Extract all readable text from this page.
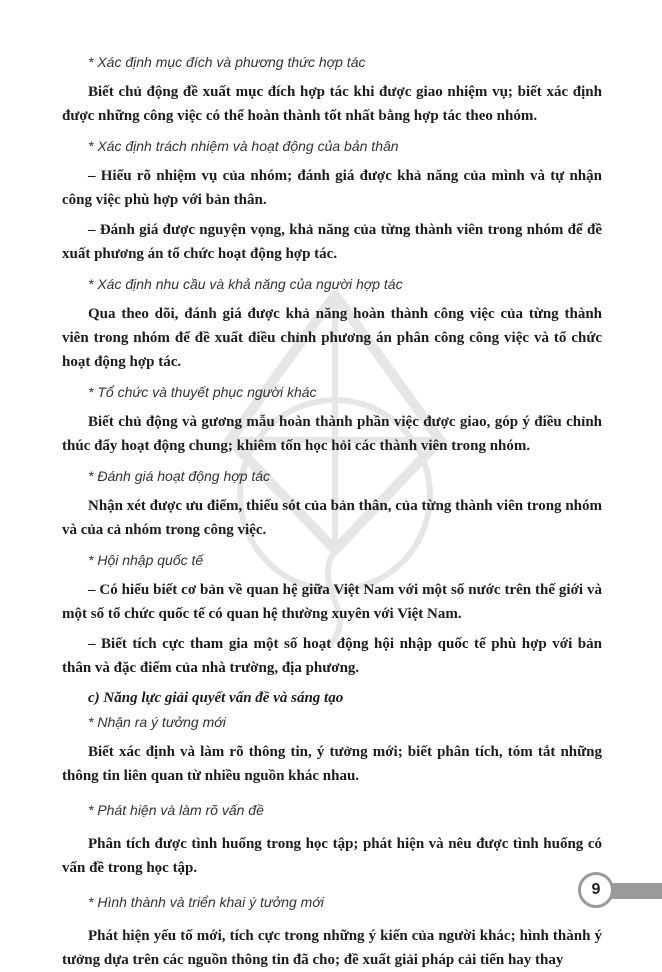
* Xác định mục đích và phương thức hợp tác

Biết chủ động đề xuất mục đích hợp tác khi được giao nhiệm vụ; biết xác định được những công việc có thể hoàn thành tốt nhất bằng hợp tác theo nhóm.

* Xác định trách nhiệm và hoạt động của bản thân

– Hiểu rõ nhiệm vụ của nhóm; đánh giá được khả năng của mình và tự nhận công việc phù hợp với bản thân.

– Đánh giá được nguyện vọng, khả năng của từng thành viên trong nhóm để đề xuất phương án tổ chức hoạt động hợp tác.

* Xác định nhu cầu và khả năng của người hợp tác

Qua theo dõi, đánh giá được khả năng hoàn thành công việc của từng thành viên trong nhóm để đề xuất điều chỉnh phương án phân công công việc và tổ chức hoạt động hợp tác.

* Tổ chức và thuyết phục người khác

Biết chủ động và gương mẫu hoàn thành phần việc được giao, góp ý điều chỉnh thúc đẩy hoạt động chung; khiêm tốn học hỏi các thành viên trong nhóm.

* Đánh giá hoạt động hợp tác

Nhận xét được ưu điểm, thiếu sót của bản thân, của từng thành viên trong nhóm và của cả nhóm trong công việc.

* Hội nhập quốc tế

– Có hiểu biết cơ bản về quan hệ giữa Việt Nam với một số nước trên thế giới và một số tổ chức quốc tế có quan hệ thường xuyên với Việt Nam.

– Biết tích cực tham gia một số hoạt động hội nhập quốc tế phù hợp với bản thân và đặc điểm của nhà trường, địa phương.

c) Năng lực giải quyết vấn đề và sáng tạo
* Nhận ra ý tưởng mới

Biết xác định và làm rõ thông tin, ý tưởng mới; biết phân tích, tóm tắt những thông tin liên quan từ nhiều nguồn khác nhau.

* Phát hiện và làm rõ vấn đề

Phân tích được tình huống trong học tập; phát hiện và nêu được tình huống có vấn đề trong học tập.

* Hình thành và triển khai ý tưởng mới

Phát hiện yếu tố mới, tích cực trong những ý kiến của người khác; hình thành ý tưởng dựa trên các nguồn thông tin đã cho; đề xuất giải pháp cải tiến hay thay

9
